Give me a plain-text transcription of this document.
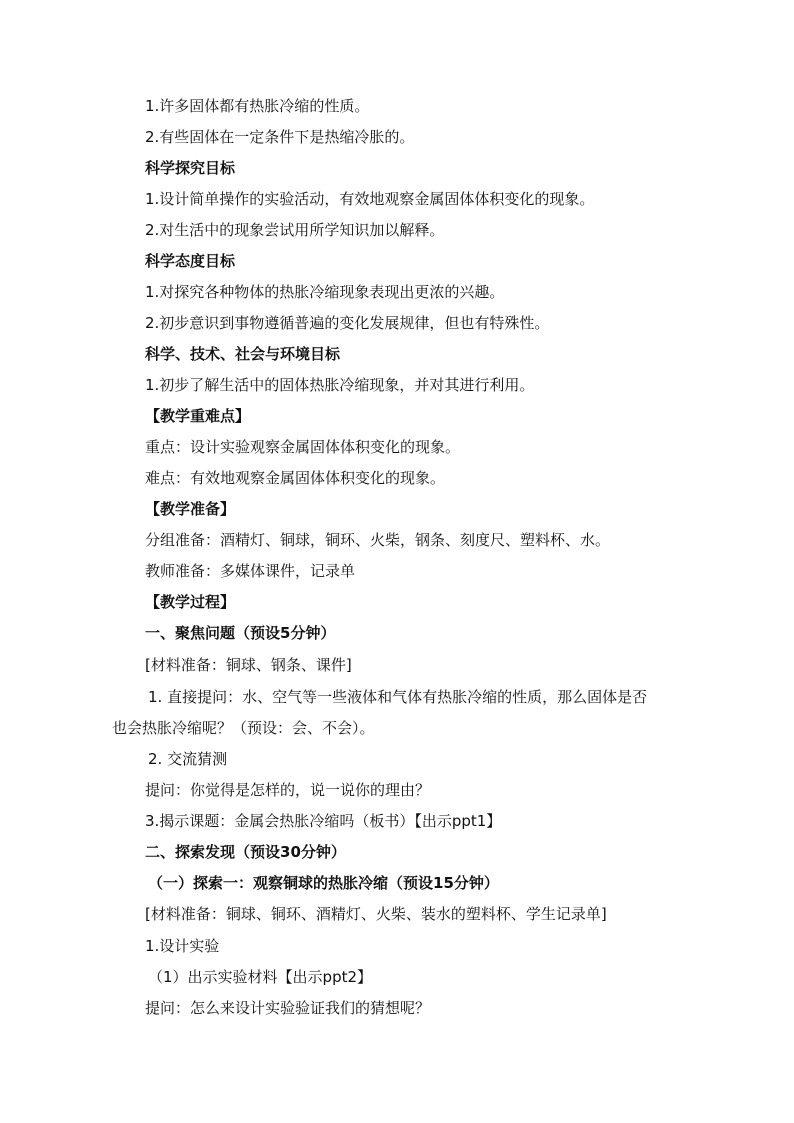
1.许多固体都有热胀冷缩的性质。
2.有些固体在一定条件下是热缩冷胀的。
科学探究目标
1.设计简单操作的实验活动，有效地观察金属固体体积变化的现象。
2.对生活中的现象尝试用所学知识加以解释。
科学态度目标
1.对探究各种物体的热胀冷缩现象表现出更浓的兴趣。
2.初步意识到事物遵循普遍的变化发展规律，但也有特殊性。
科学、技术、社会与环境目标
1.初步了解生活中的固体热胀冷缩现象，并对其进行利用。
【教学重难点】
重点：设计实验观察金属固体体积变化的现象。
难点：有效地观察金属固体体积变化的现象。
【教学准备】
分组准备：酒精灯、铜球，铜环、火柴，钢条、刻度尺、塑料杯、水。
教师准备：多媒体课件，记录单
【教学过程】
一、聚焦问题（预设5分钟）
[材料准备：铜球、钢条、课件]
1. 直接提问：水、空气等一些液体和气体有热胀冷缩的性质，那么固体是否
也会热胀冷缩呢？（预设：会、不会）。
2. 交流猜测
提问：你觉得是怎样的，说一说你的理由？
3.揭示课题：金属会热胀冷缩吗（板书）【出示ppt1】
二、探索发现（预设30分钟）
（一）探索一：观察铜球的热胀冷缩（预设15分钟）
[材料准备：铜球、铜环、酒精灯、火柴、装水的塑料杯、学生记录单]
1.设计实验
（1）出示实验材料【出示ppt2】
提问：怎么来设计实验验证我们的猜想呢？
